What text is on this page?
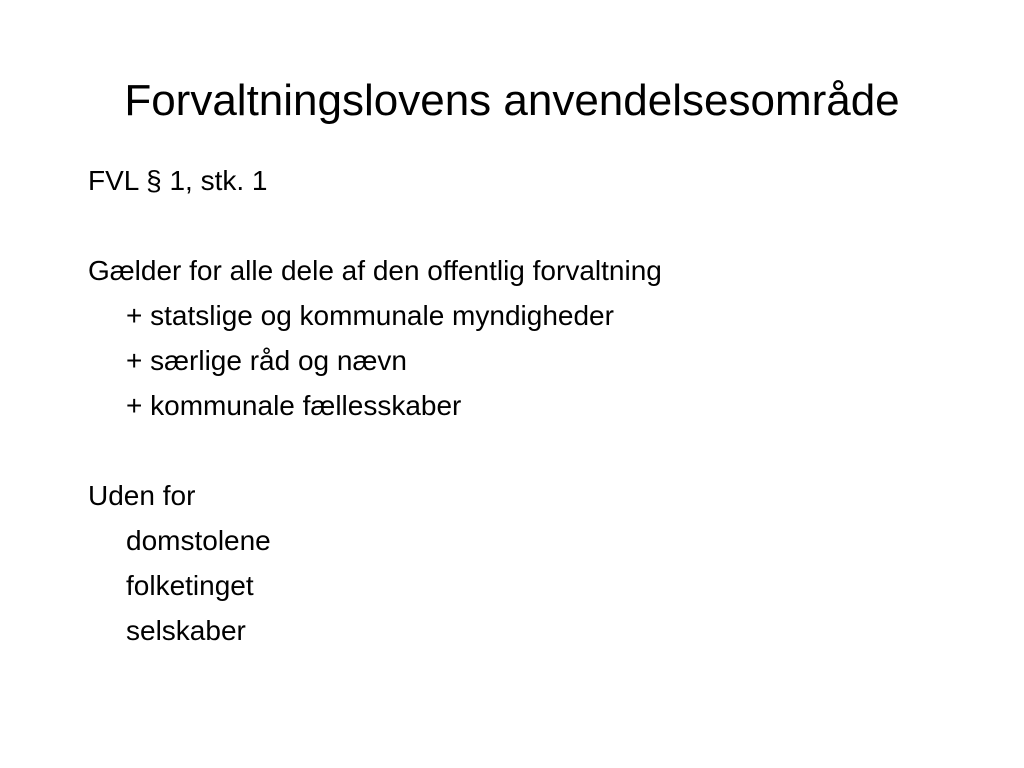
Forvaltningslovens anvendelsesområde
FVL § 1, stk. 1
Gælder for alle dele af den offentlig forvaltning
+ statslige og kommunale myndigheder
+ særlige råd og nævn
+ kommunale fællesskaber
Uden for
domstolene
folketinget
selskaber
